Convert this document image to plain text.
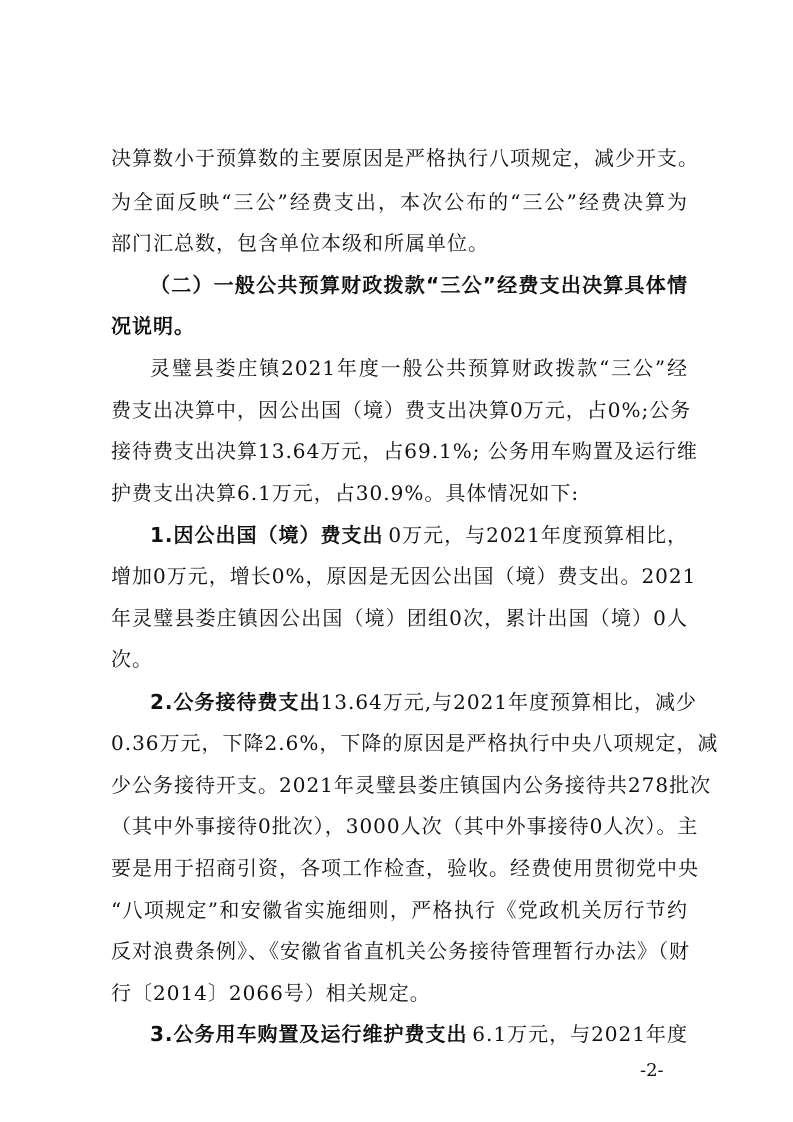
决算数小于预算数的主要原因是严格执行八项规定，减少开支。
为全面反映“三公”经费支出，本次公布的“三公”经费决算为
部门汇总数，包含单位本级和所属单位。
（二）一般公共预算财政拨款“三公”经费支出决算具体情
况说明。
灵璧县娄庄镇2021年度一般公共预算财政拨款“三公”经
费支出决算中，因公出国（境）费支出决算0万元，占0%;公务
接待费支出决算13.64万元，占69.1%; 公务用车购置及运行维
护费支出决算6.1万元，占30.9%。具体情况如下:
1.因公出国（境）费支出 0万元，与2021年度预算相比，
增加0万元，增长0%，原因是无因公出国（境）费支出。2021
年灵璧县娄庄镇因公出国（境）团组0次，累计出国（境）0人
次。
2.公务接待费支出 13.64万元,与2021年度预算相比，减少
0.36万元，下降2.6%，下降的原因是严格执行中央八项规定，减
少公务接待开支。2021年灵璧县娄庄镇国内公务接待共278批次
（其中外事接待0批次），3000人次（其中外事接待0人次）。主
要是用于招商引资，各项工作检查，验收。经费使用贯彻党中央
“八项规定”和安徽省实施细则，严格执行《党政机关厉行节约
反对浪费条例》、《安徽省省直机关公务接待管理暂行办法》（财
行〔2014〕2066号）相关规定。
3.公务用车购置及运行维护费支出 6.1万元，与2021年度
-2-
